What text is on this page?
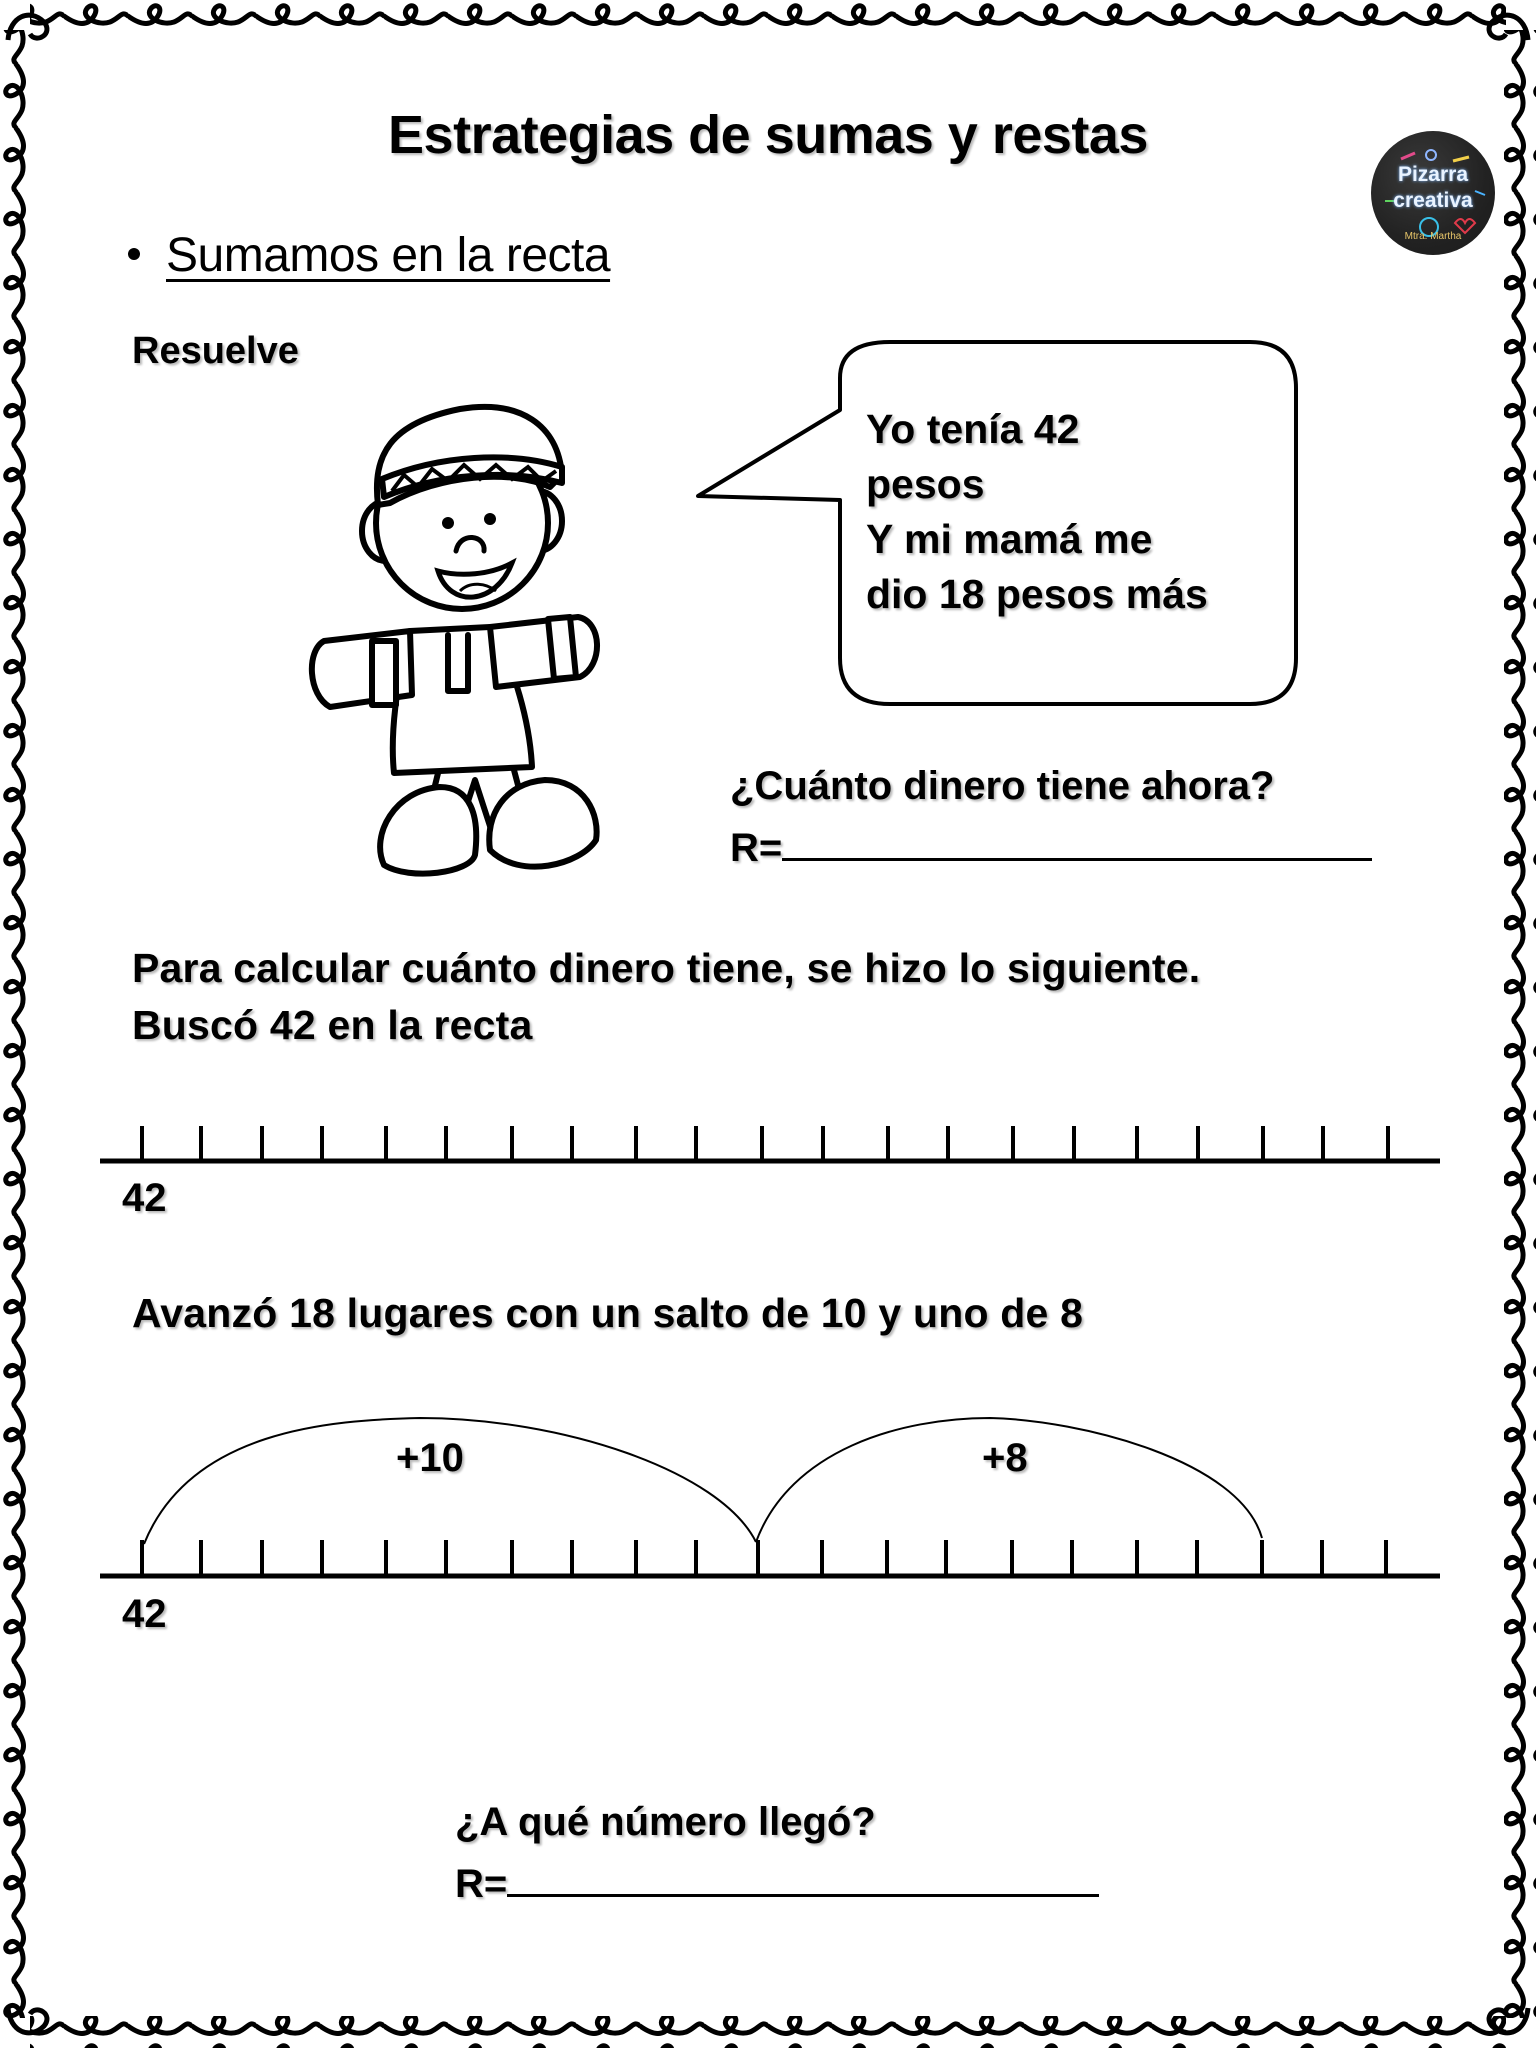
Estrategias de sumas y restas
Pizarra
creativa
Mtra. Martha
Sumamos en la recta
Resuelve
Yo tenía 42
pesos
Y mi mamá me
dio 18 pesos más
¿Cuánto dinero tiene ahora?
R=
Para calcular cuánto dinero tiene, se hizo lo siguiente.
Buscó 42 en la recta
42
Avanzó 18 lugares con un salto de 10 y uno de 8
+10	+8
42
¿A qué número llegó?
R=
